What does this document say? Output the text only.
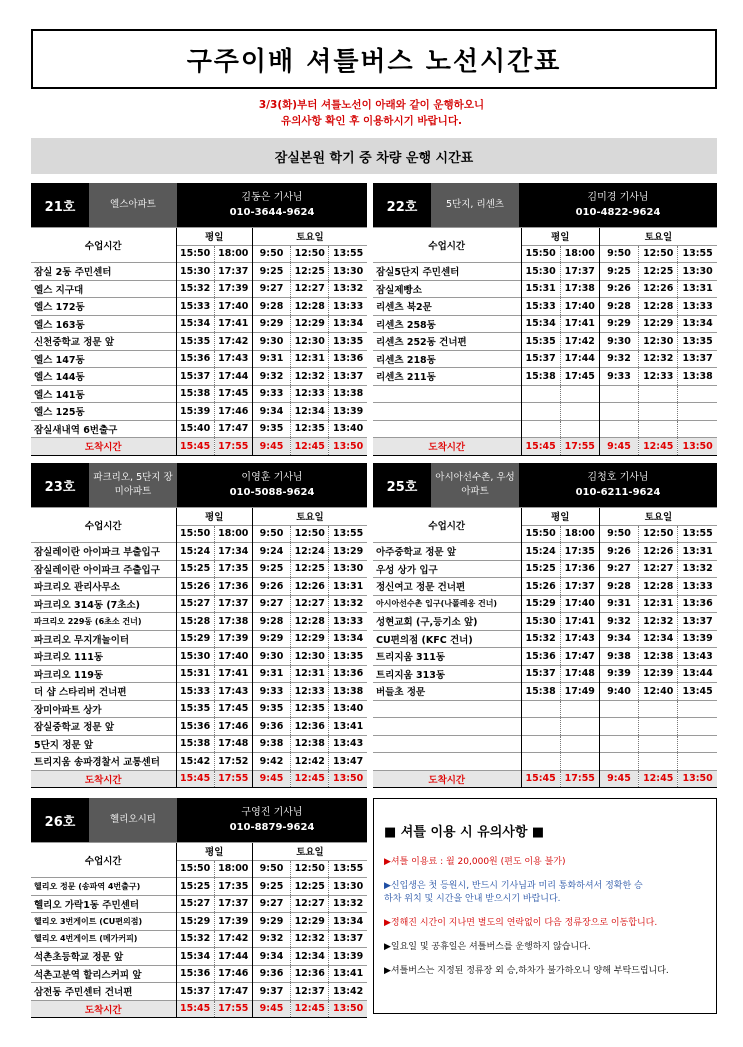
구주이배 셔틀버스 노선시간표
3/3(화)부터 셔틀노선이 아래와 같이 운행하오니
유의사항 확인 후 이용하시기 바랍니다.
잠실본원 학기 중 차량 운행 시간표
21호	엘스아파트
김동은 기사님
010-3644-9624
수업시간	평일		토요일		
	15:50	18:00	9:50	12:50	13:55
잠실 2동 주민센터	15:30	17:37	9:25	12:25	13:30
엘스 지구대	15:32	17:39	9:27	12:27	13:32
엘스 172동	15:33	17:40	9:28	12:28	13:33
엘스 163동	15:34	17:41	9:29	12:29	13:34
신천중학교 정문 앞	15:35	17:42	9:30	12:30	13:35
엘스 147동	15:36	17:43	9:31	12:31	13:36
엘스 144동	15:37	17:44	9:32	12:32	13:37
엘스 141동	15:38	17:45	9:33	12:33	13:38
엘스 125동	15:39	17:46	9:34	12:34	13:39
잠실새내역 6번출구	15:40	17:47	9:35	12:35	13:40
도착시간	15:45	17:55	9:45	12:45	13:50
22호	5단지, 리센츠
김미경 기사님
010-4822-9624
수업시간	평일		토요일		
	15:50	18:00	9:50	12:50	13:55
잠실5단지 주민센터	15:30	17:37	9:25	12:25	13:30
잠실제빵소	15:31	17:38	9:26	12:26	13:31
리센츠 북2문	15:33	17:40	9:28	12:28	13:33
리센츠 258동	15:34	17:41	9:29	12:29	13:34
리센츠 252동 건너편	15:35	17:42	9:30	12:30	13:35
리센츠 218동	15:37	17:44	9:32	12:32	13:37
리센츠 211동	15:38	17:45	9:33	12:33	13:38

도착시간	15:45	17:55	9:45	12:45	13:50
23호
파크리오, 5단지 장미아파트
이영훈 기사님
010-5088-9624
수업시간	평일		토요일		
	15:50	18:00	9:50	12:50	13:55
잠실레이란 아이파크 부출입구	15:24	17:34	9:24	12:24	13:29
잠실레이란 아이파크 주출입구	15:25	17:35	9:25	12:25	13:30
파크리오 관리사무소	15:26	17:36	9:26	12:26	13:31
파크리오 314동 (7초소)	15:27	17:37	9:27	12:27	13:32
파크리오 229동 (6초소 건너)	15:28	17:38	9:28	12:28	13:33
파크리오 무지개놀이터	15:29	17:39	9:29	12:29	13:34
파크리오 111동	15:30	17:40	9:30	12:30	13:35
파크리오 119동	15:31	17:41	9:31	12:31	13:36
더 샵 스타리버 건너편	15:33	17:43	9:33	12:33	13:38
장미아파트 상가	15:35	17:45	9:35	12:35	13:40
잠실중학교 정문 앞	15:36	17:46	9:36	12:36	13:41
5단지 정문 앞	15:38	17:48	9:38	12:38	13:43
트리지움 송파경찰서 교통센터	15:42	17:52	9:42	12:42	13:47
도착시간	15:45	17:55	9:45	12:45	13:50
25호
아시아선수촌, 우성아파트
김청호 기사님
010-6211-9624
수업시간	평일		토요일		
	15:50	18:00	9:50	12:50	13:55
아주중학교 정문 앞	15:24	17:35	9:26	12:26	13:31
우성 상가 입구	15:25	17:36	9:27	12:27	13:32
정신여고 정문 건너편	15:26	17:37	9:28	12:28	13:33
아시아선수촌 입구(나폴레옹 건너)	15:29	17:40	9:31	12:31	13:36
성현교회 (구,등기소 앞)	15:30	17:41	9:32	12:32	13:37
CU편의점 (KFC 건너)	15:32	17:43	9:34	12:34	13:39
트리지움 311동	15:36	17:47	9:38	12:38	13:43
트리지움 313동	15:37	17:48	9:39	12:39	13:44
버들초 정문	15:38	17:49	9:40	12:40	13:45

도착시간	15:45	17:55	9:45	12:45	13:50
26호	헬리오시티
구영진 기사님
010-8879-9624
수업시간	평일		토요일		
	15:50	18:00	9:50	12:50	13:55
헬리오 정문 (송파역 4번출구)	15:25	17:35	9:25	12:25	13:30
헬리오 가락1동 주민센터	15:27	17:37	9:27	12:27	13:32
헬리오 3번게이트 (CU편의점)	15:29	17:39	9:29	12:29	13:34
헬리오 4번게이트 (메가커피)	15:32	17:42	9:32	12:32	13:37
석촌초등학교 정문 앞	15:34	17:44	9:34	12:34	13:39
석촌고분역 할리스커피 앞	15:36	17:46	9:36	12:36	13:41
삼전동 주민센터 건너편	15:37	17:47	9:37	12:37	13:42
도착시간	15:45	17:55	9:45	12:45	13:50
■ 셔틀 이용 시 유의사항 ■

▶셔틀 이용료 : 월 20,000원 (편도 이용 불가)

▶신입생은 첫 등원시, 반드시 기사님과 미리 통화하셔서 정확한 승하차 위치 및 시간을 안내 받으시기 바랍니다.

▶정해진 시간이 지나면 별도의 연락없이 다음 정류장으로 이동합니다.

▶일요일 및 공휴일은 셔틀버스를 운행하지 않습니다.

▶셔틀버스는 지정된 정류장 외 승,하차가 불가하오니 양해 부탁드립니다.
